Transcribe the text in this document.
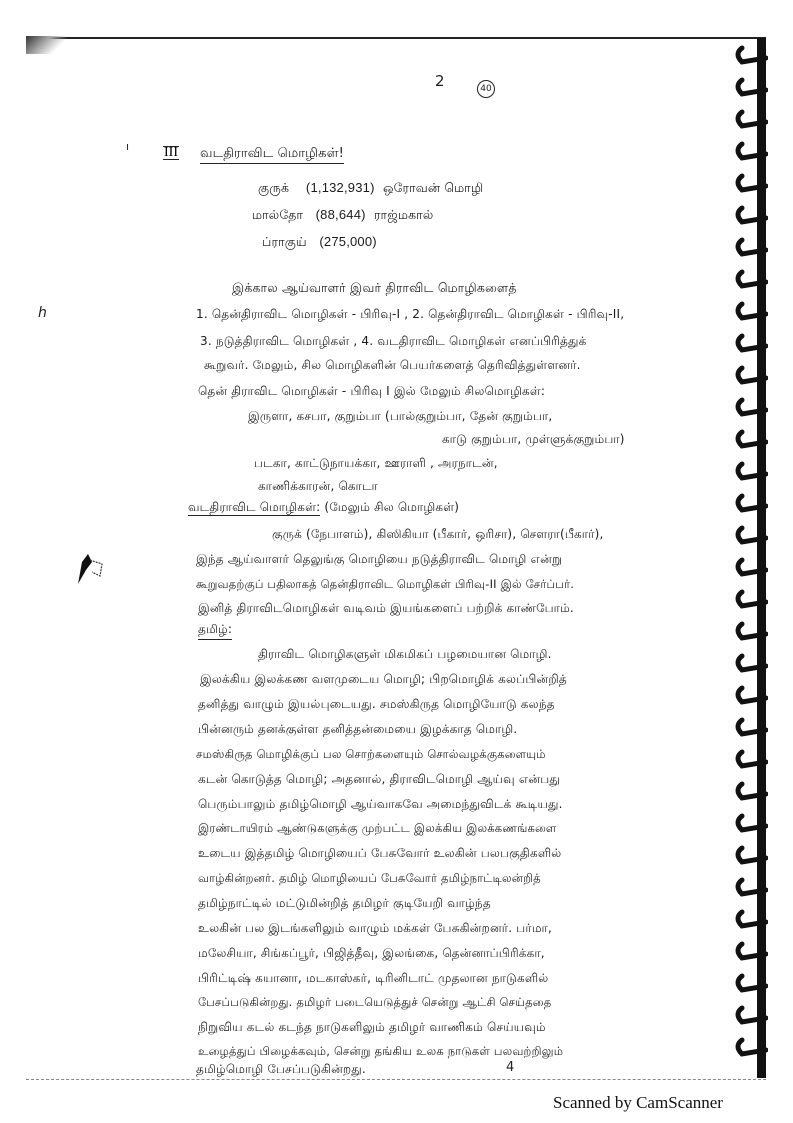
2	40
ı
h
III வடதிராவிட மொழிகள்!
குருக் (1,132,931) ஒரோவன் மொழி
மால்தோ (88,644) ராஜ்மகால்
ப்ராகுய் (275,000)
இக்கால ஆய்வாளர் இவர் திராவிட மொழிகளைத்
1. தென்திராவிட மொழிகள் - பிரிவு-I , 2. தென்திராவிட மொழிகள் - பிரிவு-II,
3. நடுத்திராவிட மொழிகள் , 4. வடதிராவிட மொழிகள் எனப்பிரித்துக்
கூறுவர். மேலும், சில மொழிகளின் பெயர்களைத் தெரிவித்துள்ளனர்.
தென் திராவிட மொழிகள் - பிரிவு I இல் மேலும் சிலமொழிகள்:
இருளா, கசபா, குறும்பா (பால்குறும்பா, தேன் குறும்பா,
காடு குறும்பா, முள்ளுக்குறும்பா)
படகா, காட்டுநாயக்கா, ஊராளி , அரநாடன்,
காணிக்காரன், கொடா
வடதிராவிட மொழிகள்: (மேலும் சில மொழிகள்)
குருக் (நேபாளம்), கிஸிகியா (பீகார், ஒரிசா), சௌரா(பீகார்),
இந்த ஆய்வாளர் தெலுங்கு மொழியை நடுத்திராவிட மொழி என்று
கூறுவதற்குப் பதிலாகத் தென்திராவிட மொழிகள் பிரிவு-II இல் சேர்ப்பர்.
இனித் திராவிடமொழிகள் வடிவம் இயங்களைப் பற்றிக் காண்போம்.
தமிழ்:
திராவிட மொழிகளுள் மிகமிகப் பழமையான மொழி.
இலக்கிய இலக்கண வளமுடைய மொழி; பிறமொழிக் கலப்பின்றித்
தனித்து வாழும் இயல்புடையது. சமஸ்கிருத மொழியோடு கலந்த
பின்னரும் தனக்குள்ள தனித்தன்மையை இழக்காத மொழி.
சமஸ்கிருத மொழிக்குப் பல சொற்களையும் சொல்வழக்குகளையும்
கடன் கொடுத்த மொழி; அதனால், திராவிடமொழி ஆய்வு என்பது
பெரும்பாலும் தமிழ்மொழி ஆய்வாகவே அமைந்துவிடக் கூடியது.
இரண்டாயிரம் ஆண்டுகளுக்கு முற்பட்ட இலக்கிய இலக்கணங்களை
உடைய இத்தமிழ் மொழியைப் பேசுவோர் உலகின் பலபகுதிகளில்
வாழ்கின்றனர். தமிழ் மொழியைப் பேசுவோர் தமிழ்நாட்டிலன்றித்
தமிழ்நாட்டில் மட்டுமின்றித் தமிழர் குடியேறி வாழ்ந்த
உலகின் பல இடங்களிலும் வாழும் மக்கள் பேசுகின்றனர். பர்மா,
மலேசியா, சிங்கப்பூர், பிஜித்தீவு, இலங்கை, தென்னாப்பிரிக்கா,
பிரிட்டிஷ் கயானா, மடகாஸ்கர், டிரினிடாட் முதலான நாடுகளில்
பேசப்படுகின்றது. தமிழர் படையெடுத்துச் சென்று ஆட்சி செய்ததை
நிறுவிய கடல் கடந்த நாடுகளிலும் தமிழர் வாணிகம் செய்யவும்
உழைத்துப் பிழைக்கவும், சென்று தங்கிய உலக நாடுகள் பலவற்றிலும்
தமிழ்மொழி பேசப்படுகின்றது.	4
Scanned by CamScanner
